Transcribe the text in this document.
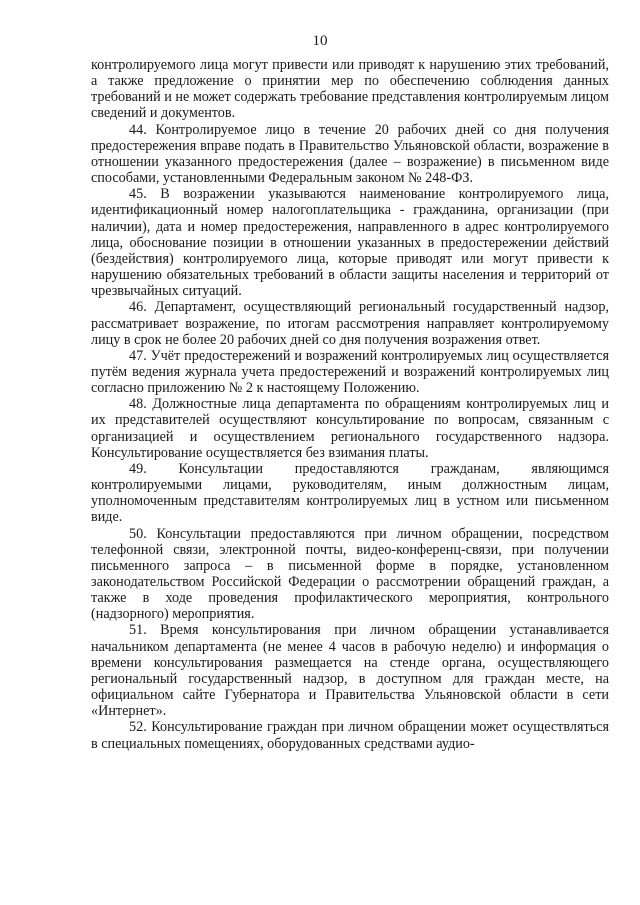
10

контролируемого лица могут привести или приводят к нарушению этих требований, а также предложение о принятии мер по обеспечению соблюдения данных требований и не может содержать требование представления контролируемым лицом сведений и документов.

44. Контролируемое лицо в течение 20 рабочих дней со дня получения предостережения вправе подать в Правительство Ульяновской области, возражение в отношении указанного предостережения (далее – возражение) в письменном виде способами, установленными Федеральным законом № 248-ФЗ.

45. В возражении указываются наименование контролируемого лица, идентификационный номер налогоплательщика - гражданина, организации (при наличии), дата и номер предостережения, направленного в адрес контролируемого лица, обоснование позиции в отношении указанных в предостережении действий (бездействия) контролируемого лица, которые приводят или могут привести к нарушению обязательных требований в области защиты населения и территорий от чрезвычайных ситуаций.

46. Департамент, осуществляющий региональный государственный надзор, рассматривает возражение, по итогам рассмотрения направляет контролируемому лицу в срок не более 20 рабочих дней со дня получения возражения ответ.

47. Учёт предостережений и возражений контролируемых лиц осуществляется путём ведения журнала учета предостережений и возражений контролируемых лиц согласно приложению № 2 к настоящему Положению.

48. Должностные лица департамента по обращениям контролируемых лиц и их представителей осуществляют консультирование по вопросам, связанным с организацией и осуществлением регионального государственного надзора. Консультирование осуществляется без взимания платы.

49. Консультации предоставляются гражданам, являющимся контролируемыми лицами, руководителям, иным должностным лицам, уполномоченным представителям контролируемых лиц в устном или письменном виде.

50. Консультации предоставляются при личном обращении, посредством телефонной связи, электронной почты, видео-конференц-связи, при получении письменного запроса – в письменной форме в порядке, установленном законодательством Российской Федерации о рассмотрении обращений граждан, а также в ходе проведения профилактического мероприятия, контрольного (надзорного) мероприятия.

51. Время консультирования при личном обращении устанавливается начальником департамента (не менее 4 часов в рабочую неделю) и информация о времени консультирования размещается на стенде органа, осуществляющего региональный государственный надзор, в доступном для граждан месте, на официальном сайте Губернатора и Правительства Ульяновской области в сети «Интернет».

52. Консультирование граждан при личном обращении может осуществляться в специальных помещениях, оборудованных средствами аудио-
